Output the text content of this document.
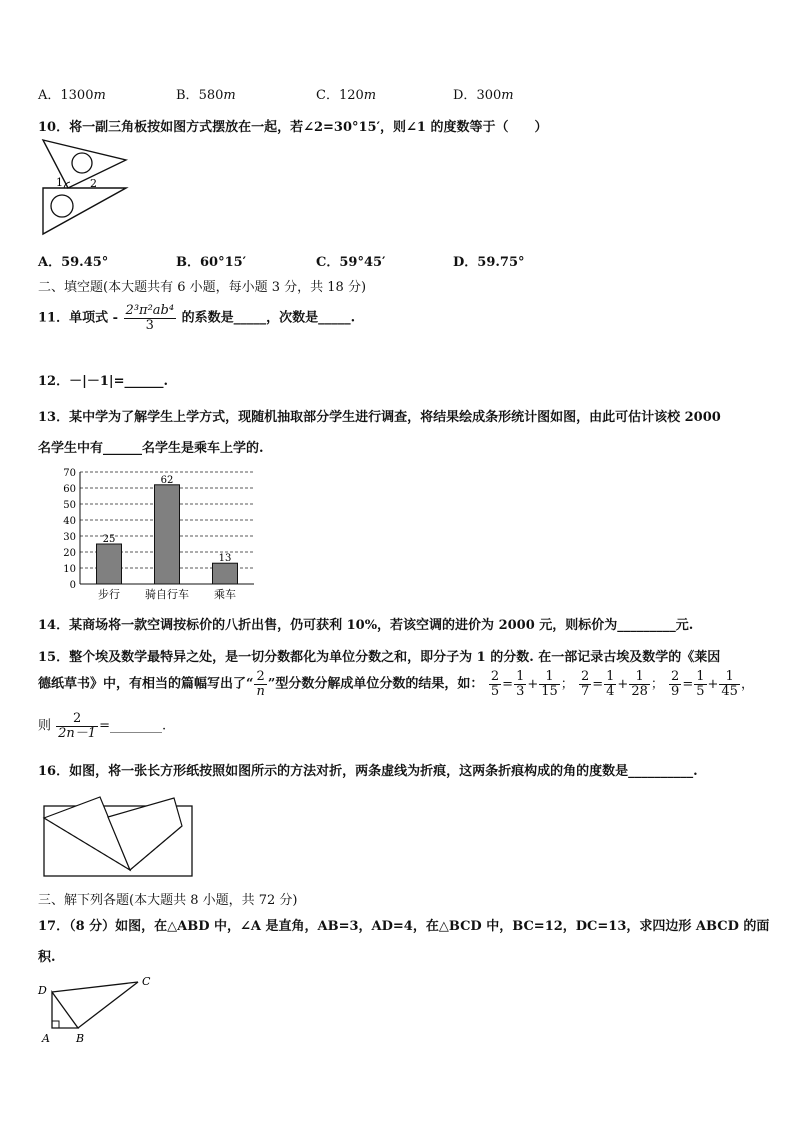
A．1300m	B．580m	C．120m	D．300m
10．将一副三角板按如图方式摆放在一起，若∠2=30°15′，则∠1 的度数等于（　　）
1 2
A．59.45°	B．60°15′	C．59°45′	D．59.75°
二、填空题(本大题共有 6 小题，每小题 3 分，共 18 分)
11．单项式 - $\frac{\text{2³π²ab⁴}}{3}$ 的系数是_____，次数是_____.
12．－|－1|=______.
13．某中学为了解学生上学方式，现随机抽取部分学生进行调查，将结果绘成条形统计图如图，由此可估计该校 2000
名学生中有______名学生是乘车上学的.
0
10
20
30
40
50
60
70
25
步行
62
骑自行车
13
乘车
14．某商场将一款空调按标价的八折出售，仍可获利 10%，若该空调的进价为 2000 元，则标价为_________元.
15．整个埃及数学最特异之处，是一切分数都化为单位分数之和，即分子为 1 的分数. 在一部记录古埃及数学的《莱因
德纸草书》中，有相当的篇幅写出了“ $\frac{2}{n}$ ”型分数分解成单位分数的结果，如： $\frac{2}{5} = \frac{1}{3} + \frac{1}{15}$ ； $\frac{2}{7} = \frac{1}{4} + \frac{1}{28}$ ； $\frac{2}{9} = \frac{1}{5} + \frac{1}{45}$ ，
则 $\frac{2}{2n-1}$ =________.
16．如图，将一张长方形纸按照如图所示的方法对折，两条虚线为折痕，这两条折痕构成的角的度数是__________.
三、解下列各题(本大题共 8 小题，共 72 分)
17．（8 分）如图，在△ABD 中，∠A 是直角，AB=3，AD=4，在△BCD 中，BC=12，DC=13，求四边形 ABCD 的面
积.
D
C
A B
